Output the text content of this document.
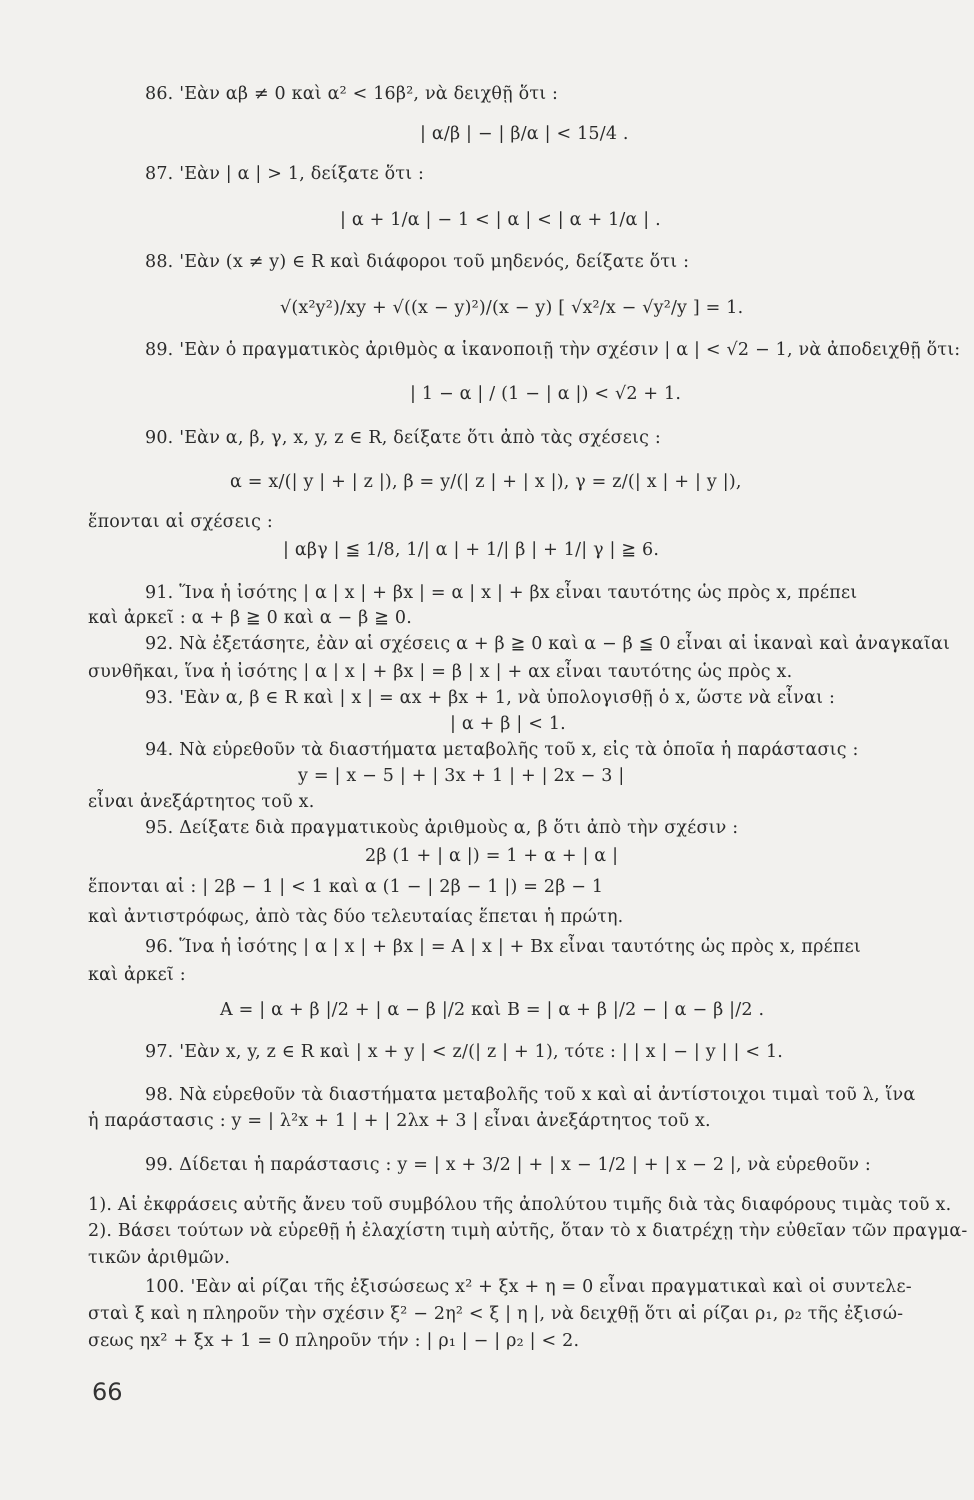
86. 'Εὰν αβ ≠ 0 καὶ α² < 16β², νὰ δειχθῇ ὅτι :
| α/β | − | β/α | < 15/4 .
87. 'Εὰν | α | > 1, δείξατε ὅτι :
| α + 1/α | − 1 < | α | < | α + 1/α | .
88. 'Εὰν (x ≠ y) ∈ R καὶ διάφοροι τοῦ μηδενός, δείξατε ὅτι :
√(x²y²)/xy + √((x − y)²)/(x − y) [ √x²/x − √y²/y ] = 1.
89. 'Εὰν ὁ πραγματικὸς ἀριθμὸς α ἱκανοποιῇ τὴν σχέσιν | α | < √2 − 1, νὰ ἀποδειχθῇ ὅτι:
| 1 − α | / (1 − | α |) < √2 + 1.
90. 'Εὰν α, β, γ, x, y, z ∈ R, δείξατε ὅτι ἀπὸ τὰς σχέσεις :
α = x/(| y | + | z |), β = y/(| z | + | x |), γ = z/(| x | + | y |),
ἕπονται αἱ σχέσεις :
| αβγ | ≦ 1/8, 1/| α | + 1/| β | + 1/| γ | ≧ 6.
91. Ἵνα ἡ ἰσότης | α | x | + βx | = α | x | + βx εἶναι ταυτότης ὡς πρὸς x, πρέπει
καὶ ἀρκεῖ : α + β ≧ 0 καὶ α − β ≧ 0.
92. Νὰ ἐξετάσητε, ἐὰν αἱ σχέσεις α + β ≧ 0 καὶ α − β ≦ 0 εἶναι αἱ ἱκαναὶ καὶ ἀναγκαῖαι
συνθῆκαι, ἵνα ἡ ἰσότης | α | x | + βx | = β | x | + αx εἶναι ταυτότης ὡς πρὸς x.
93. 'Εὰν α, β ∈ R καὶ | x | = αx + βx + 1, νὰ ὑπολογισθῇ ὁ x, ὥστε νὰ εἶναι :
| α + β | < 1.
94. Νὰ εὑρεθοῦν τὰ διαστήματα μεταβολῆς τοῦ x, εἰς τὰ ὁποῖα ἡ παράστασις :
y = | x − 5 | + | 3x + 1 | + | 2x − 3 |
εἶναι ἀνεξάρτητος τοῦ x.
95. Δείξατε διὰ πραγματικοὺς ἀριθμοὺς α, β ὅτι ἀπὸ τὴν σχέσιν :
2β (1 + | α |) = 1 + α + | α |
ἕπονται αἱ : | 2β − 1 | < 1 καὶ α (1 − | 2β − 1 |) = 2β − 1
καὶ ἀντιστρόφως, ἀπὸ τὰς δύο τελευταίας ἕπεται ἡ πρώτη.
96. Ἵνα ἡ ἰσότης | α | x | + βx | = A | x | + Bx εἶναι ταυτότης ὡς πρὸς x, πρέπει
καὶ ἀρκεῖ :
A = | α + β |/2 + | α − β |/2 καὶ B = | α + β |/2 − | α − β |/2 .
97. 'Εὰν x, y, z ∈ R καὶ | x + y | < z/(| z | + 1), τότε : | | x | − | y | | < 1.
98. Νὰ εὑρεθοῦν τὰ διαστήματα μεταβολῆς τοῦ x καὶ αἱ ἀντίστοιχοι τιμαὶ τοῦ λ, ἵνα
ἡ παράστασις : y = | λ²x + 1 | + | 2λx + 3 | εἶναι ἀνεξάρτητος τοῦ x.
99. Δίδεται ἡ παράστασις : y = | x + 3/2 | + | x − 1/2 | + | x − 2 |, νὰ εὑρεθοῦν :
1). Αἱ ἐκφράσεις αὐτῆς ἄνευ τοῦ συμβόλου τῆς ἀπολύτου τιμῆς διὰ τὰς διαφόρους τιμὰς τοῦ x.
2). Βάσει τούτων νὰ εὑρεθῇ ἡ ἐλαχίστη τιμὴ αὐτῆς, ὅταν τὸ x διατρέχῃ τὴν εὐθεῖαν τῶν πραγμα-
τικῶν ἀριθμῶν.
100. 'Εὰν αἱ ρίζαι τῆς ἐξισώσεως x² + ξx + η = 0 εἶναι πραγματικαὶ καὶ οἱ συντελε-
σταὶ ξ καὶ η πληροῦν τὴν σχέσιν ξ² − 2η² < ξ | η |, νὰ δειχθῇ ὅτι αἱ ρίζαι ρ₁, ρ₂ τῆς ἐξισώ-
σεως ηx² + ξx + 1 = 0 πληροῦν τήν : | ρ₁ | − | ρ₂ | < 2.
66
